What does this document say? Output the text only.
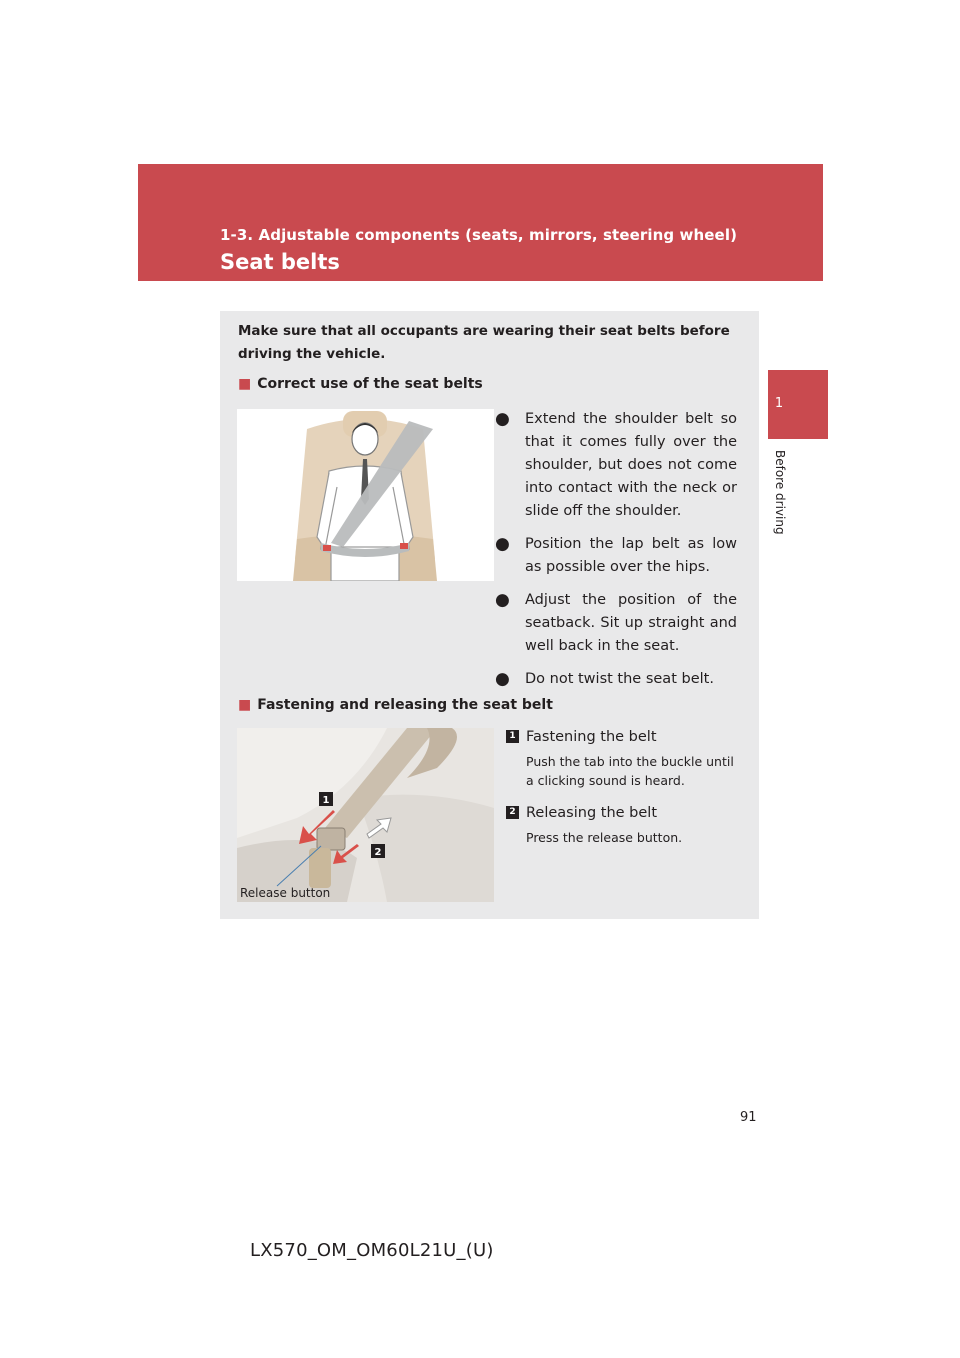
1-3. Adjustable components (seats, mirrors, steering wheel)
Seat belts
1
Before driving
Make sure that all occupants are wearing their seat belts before driving the vehicle.
■ Correct use of the seat belts
● Extend the shoulder belt so that it comes fully over the shoulder, but does not come into contact with the neck or slide off the shoulder.
● Position the lap belt as low as possible over the hips.
● Adjust the position of the seatback. Sit up straight and well back in the seat.
● Do not twist the seat belt.
■ Fastening and releasing the seat belt
1
2
Release button
1 Fastening the belt
Push the tab into the buckle until a clicking sound is heard.
2 Releasing the belt
Press the release button.
91
LX570_OM_OM60L21U_(U)
